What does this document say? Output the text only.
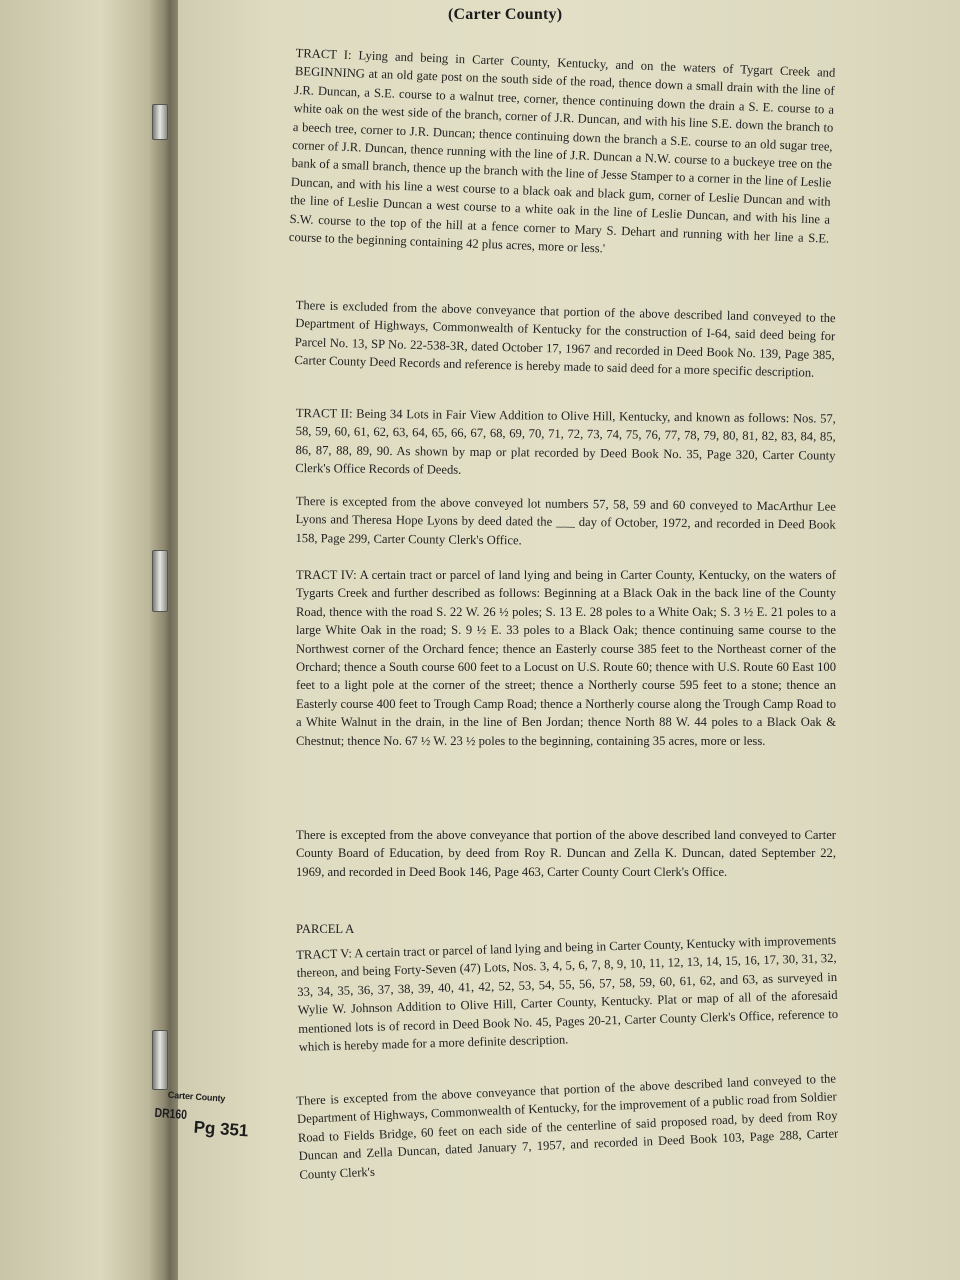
(Carter County)

TRACT I: Lying and being in Carter County, Kentucky, and on the waters of Tygart Creek and BEGINNING at an old gate post on the south side of the road, thence down a small drain with the line of J.R. Duncan, a S.E. course to a walnut tree, corner, thence continuing down the drain a S. E. course to a white oak on the west side of the branch, corner of J.R. Duncan, and with his line S.E. down the branch to a beech tree, corner to J.R. Duncan; thence continuing down the branch a S.E. course to an old sugar tree, corner of J.R. Duncan, thence running with the line of J.R. Duncan a N.W. course to a buckeye tree on the bank of a small branch, thence up the branch with the line of Jesse Stamper to a corner in the line of Leslie Duncan, and with his line a west course to a black oak and black gum, corner of Leslie Duncan and with the line of Leslie Duncan a west course to a white oak in the line of Leslie Duncan, and with his line a S.W. course to the top of the hill at a fence corner to Mary S. Dehart and running with her line a S.E. course to the beginning containing 42 plus acres, more or less.'

There is excluded from the above conveyance that portion of the above described land conveyed to the Department of Highways, Commonwealth of Kentucky for the construction of I-64, said deed being for Parcel No. 13, SP No. 22-538-3R, dated October 17, 1967 and recorded in Deed Book No. 139, Page 385, Carter County Deed Records and reference is hereby made to said deed for a more specific description.

TRACT II: Being 34 Lots in Fair View Addition to Olive Hill, Kentucky, and known as follows: Nos. 57, 58, 59, 60, 61, 62, 63, 64, 65, 66, 67, 68, 69, 70, 71, 72, 73, 74, 75, 76, 77, 78, 79, 80, 81, 82, 83, 84, 85, 86, 87, 88, 89, 90. As shown by map or plat recorded by Deed Book No. 35, Page 320, Carter County Clerk's Office Records of Deeds.

There is excepted from the above conveyed lot numbers 57, 58, 59 and 60 conveyed to MacArthur Lee Lyons and Theresa Hope Lyons by deed dated the ___ day of October, 1972, and recorded in Deed Book 158, Page 299, Carter County Clerk's Office.

TRACT IV: A certain tract or parcel of land lying and being in Carter County, Kentucky, on the waters of Tygarts Creek and further described as follows: Beginning at a Black Oak in the back line of the County Road, thence with the road S. 22 W. 26 ½ poles; S. 13 E. 28 poles to a White Oak; S. 3 ½ E. 21 poles to a large White Oak in the road; S. 9 ½ E. 33 poles to a Black Oak; thence continuing same course to the Northwest corner of the Orchard fence; thence an Easterly course 385 feet to the Northeast corner of the Orchard; thence a South course 600 feet to a Locust on U.S. Route 60; thence with U.S. Route 60 East 100 feet to a light pole at the corner of the street; thence a Northerly course 595 feet to a stone; thence an Easterly course 400 feet to Trough Camp Road; thence a Northerly course along the Trough Camp Road to a White Walnut in the drain, in the line of Ben Jordan; thence North 88 W. 44 poles to a Black Oak & Chestnut; thence No. 67 ½ W. 23 ½ poles to the beginning, containing 35 acres, more or less.

There is excepted from the above conveyance that portion of the above described land conveyed to Carter County Board of Education, by deed from Roy R. Duncan and Zella K. Duncan, dated September 22, 1969, and recorded in Deed Book 146, Page 463, Carter County Court Clerk's Office.

PARCEL A

TRACT V: A certain tract or parcel of land lying and being in Carter County, Kentucky with improvements thereon, and being Forty-Seven (47) Lots, Nos. 3, 4, 5, 6, 7, 8, 9, 10, 11, 12, 13, 14, 15, 16, 17, 30, 31, 32, 33, 34, 35, 36, 37, 38, 39, 40, 41, 42, 52, 53, 54, 55, 56, 57, 58, 59, 60, 61, 62, and 63, as surveyed in Wylie W. Johnson Addition to Olive Hill, Carter County, Kentucky. Plat or map of all of the aforesaid mentioned lots is of record in Deed Book No. 45, Pages 20-21, Carter County Clerk's Office, reference to which is hereby made for a more definite description.

There is excepted from the above conveyance that portion of the above described land conveyed to the Department of Highways, Commonwealth of Kentucky, for the improvement of a public road from Soldier Road to Fields Bridge, 60 feet on each side of the centerline of said proposed road, by deed from Roy Duncan and Zella Duncan, dated January 7, 1957, and recorded in Deed Book 103, Page 288, Carter County Clerk's

Carter County
DR160
Pg 351
